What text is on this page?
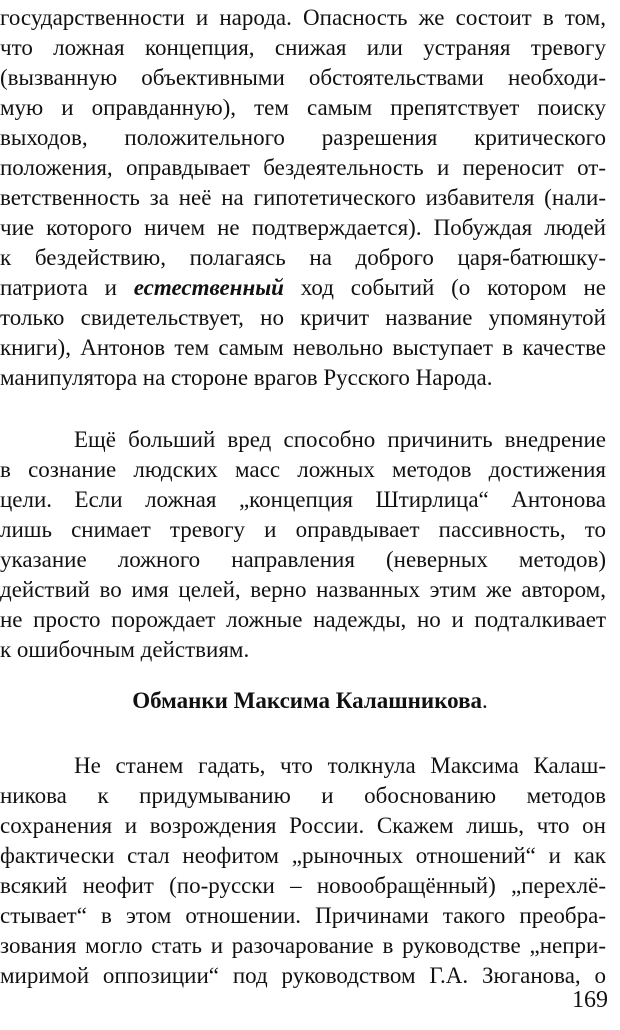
государственности и народа. Опасность же состоит в том,
что ложная концепция, снижая или устраняя тревогу
(вызванную объективными обстоятельствами необходи-
мую и оправданную), тем самым препятствует поиску
выходов, положительного разрешения критического
положения, оправдывает бездеятельность и переносит от-
ветственность за неё на гипотетического избавителя (нали-
чие которого ничем не подтверждается). Побуждая людей
к бездействию, полагаясь на доброго царя-батюшку-
патриота и естественный ход событий (о котором не
только свидетельствует, но кричит название упомянутой
книги), Антонов тем самым невольно выступает в качестве
манипулятора на стороне врагов Русского Народа.
Ещё больший вред способно причинить внедрение
в сознание людских масс ложных методов достижения
цели. Если ложная „концепция Штирлица“ Антонова
лишь снимает тревогу и оправдывает пассивность, то
указание ложного направления (неверных методов)
действий во имя целей, верно названных этим же автором,
не просто порождает ложные надежды, но и подталкивает
к ошибочным действиям.
Обманки Максима Калашникова.
Не станем гадать, что толкнула Максима Калаш-
никова к придумыванию и обоснованию методов
сохранения и возрождения России. Скажем лишь, что он
фактически стал неофитом „рыночных отношений“ и как
всякий неофит (по-русски – новообращённый) „перехлё-
стывает“ в этом отношении. Причинами такого преобра-
зования могло стать и разочарование в руководстве „непри-
миримой оппозиции“ под руководством Г.А. Зюганова, о
169
